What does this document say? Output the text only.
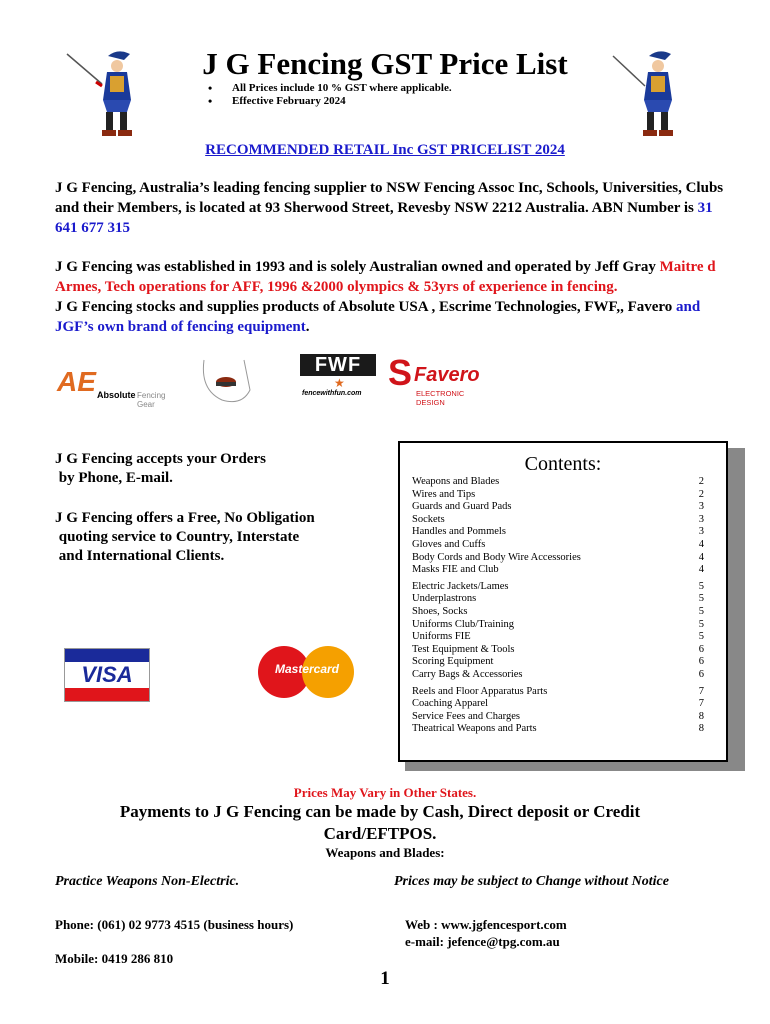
J G Fencing GST Price List
• All Prices include 10 % GST where applicable.
• Effective February 2024
RECOMMENDED RETAIL Inc GST PRICELIST 2024
J G Fencing, Australia’s leading fencing supplier to NSW Fencing Assoc Inc, Schools, Universities, Clubs and their Members, is located at 93 Sherwood Street, Revesby NSW 2212 Australia. ABN Number is 31 641 677 315
J G Fencing was established in 1993 and is solely Australian owned and operated by Jeff Gray Maitre d Armes, Tech operations for AFF, 1996 &2000 olympics & 53yrs of experience in fencing.
J G Fencing stocks and supplies products of Absolute USA , Escrime Technologies, FWF,, Favero and JGF’s own brand of fencing equipment.
AE Absolute Fencing Gear
FWF
★
fencewithfun.com
S Favero
ELECTRONIC DESIGN
J G Fencing accepts your Orders
by Phone, E-mail.
J G Fencing offers a Free, No Obligation
quoting service to Country, Interstate
and International Clients.
VISA	Mastercard
Contents:
Weapons and Blades	2
Wires and Tips	2
Guards and Guard Pads	3
Sockets	3
Handles and Pommels	3
Gloves and Cuffs	4
Body Cords and Body Wire Accessories	4
Masks FIE and Club	4
Electric Jackets/Lames	5
Underplastrons	5
Shoes, Socks	5
Uniforms Club/Training	5
Uniforms FIE	5
Test Equipment & Tools	6
Scoring Equipment	6
Carry Bags & Accessories	6
Reels and Floor Apparatus Parts	7
Coaching Apparel	7
Service Fees and Charges	8
Theatrical Weapons and Parts	8
Prices May Vary in Other States.
Payments to J G Fencing can be made by Cash, Direct deposit or Credit Card/EFTPOS.
Weapons and Blades:
Practice Weapons Non-Electric.	Prices may be subject to Change without Notice
Phone: (061) 02 9773 4515 (business hours)	Web : www.jgfencesport.com
e-mail: jefence@tpg.com.au
Mobile: 0419 286 810
1
